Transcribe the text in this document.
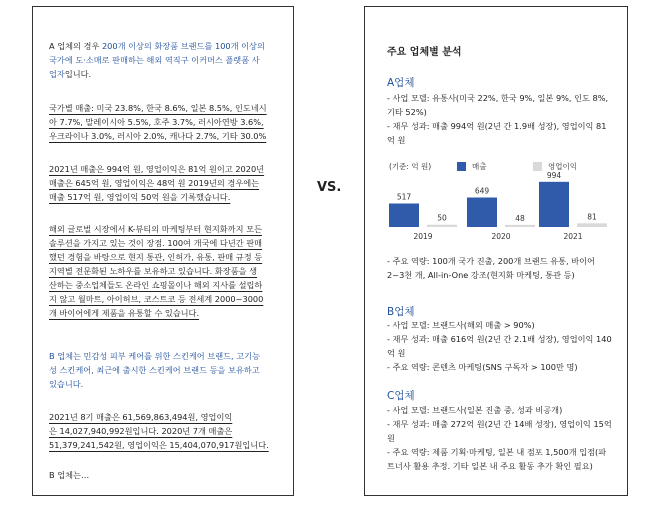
A 업체의 경우 200개 이상의 화장품 브랜드를 100개 이상의
국가에 도·소매로 판매하는 해외 역직구 이커머스 플랫폼 사
업자입니다.

국가별 매출: 미국 23.8%, 한국 8.6%, 일본 8.5%, 인도네시
아 7.7%, 말레이시아 5.5%, 호주 3.7%, 러시아연방 3.6%,
우크라이나 3.0%, 러시아 2.0%, 캐나다 2.7%, 기타 30.0%

2021년 매출은 994억 원, 영업이익은 81억 원이고 2020년
매출은 645억 원, 영업이익은 48억 원 2019년의 경우에는
매출 517억 원, 영업이익 50억 원을 기록했습니다.

해외 글로벌 시장에서 K-뷰티의 마케팅부터 현지화까지 모든
솔루션을 가지고 있는 것이 장점. 100여 개국에 다년간 판매
했던 경험을 바탕으로 현지 통관, 인허가, 유통, 판매 규정 등
지역별 전문화된 노하우를 보유하고 있습니다. 화장품을 생
산하는 중소업체들도 온라인 쇼핑몰이나 해외 지사를 설립하
지 않고 월마트, 아이허브, 코스트코 등 전세계 2000~3000
개 바이어에게 제품을 유통할 수 있습니다.

B 업체는 민감성 피부 케어를 위한 스킨케어 브랜드, 고기능
성 스킨케어, 최근에 출시한 스킨케어 브랜드 등을 보유하고
있습니다.

2021년 8기 매출은 61,569,863,494원, 영업이익
은 14,027,940,992원입니다. 2020년 7개 매출은
51,379,241,542원, 영업이익은 15,404,070,917원입니다.

B 업체는…

VS.

주요 업체별 분석

A업체

- 사업 모델: 유통사(미국 22%, 한국 9%, 일본 9%, 인도 8%,
기타 52%)
- 재무 성과: 매출 994억 원(2년 간 1.9배 성장), 영업이익 81
억 원

(기준: 억 원)	매출	영업이익
517
50
2019
649
48
2020
994
81
2021

- 주요 역량: 100개 국가 진출, 200개 브랜드 유통, 바이어
2~3천 개, All-in-One 강조(현지화 마케팅, 통관 등)

B업체

- 사업 모델: 브랜드사(해외 매출 > 90%)
- 재무 성과: 매출 616억 원(2년 간 2.1배 성장), 영업이익 140
억 원
- 주요 역량: 콘텐츠 마케팅(SNS 구독자 > 100만 명)

C업체

- 사업 모델: 브랜드사(일본 진출 중, 성과 비공개)
- 재무 성과: 매출 272억 원(2년 간 14배 성장), 영업이익 15억
원
- 주요 역량: 제품 기획·마케팅, 일본 내 점포 1,500개 입점(파
트너사 활용 추정. 기타 일본 내 주요 활동 추가 확인 필요)
